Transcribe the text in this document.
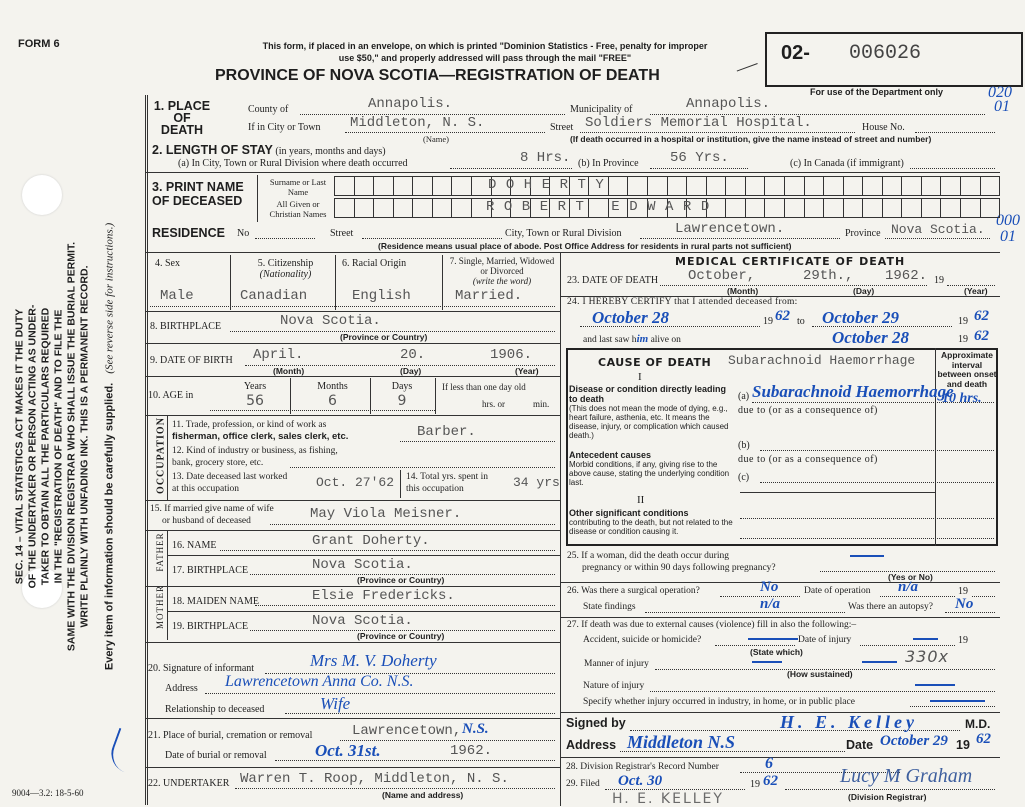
FORM 6
SEC. 14 – VITAL STATISTICS ACT MAKES IT THE DUTY OF THE UNDERTAKER OR PERSON ACTING AS UNDER- TAKER TO OBTAIN ALL THE PARTICULARS REQUIRED IN THE "REGISTRATION OF DEATH" AND TO FILE THE SAME WITH THE DIVISION REGISTRAR WHO SHALL ISSUE THE BURIAL PERMIT. WRITE PLAINLY WITH UNFADING INK. THIS IS A PERMANENT RECORD. Every item of information should be carefully supplied.   (See reverse side for instructions.)
9004—3.2: 18-5-60
This form, if placed in an envelope, on which is printed "Dominion Statistics - Free, penalty for improper
use $50," and properly addressed will pass through the mail "FREE"
PROVINCE OF NOVA SCOTIA—REGISTRATION OF DEATH
02- 006026
For use of the Department only	020
01
000
01
1. PLACE OF DEATH
County of	Annapolis.	Municipality of	Annapolis.
If in City or Town Middleton, N. S.
(Name)
Street Soldiers Memorial Hospital.	House No.
(If death occurred in a hospital or institution, give the name instead of street and number)
2. LENGTH OF STAY (in years, months and days)
(a) In City, Town or Rural Division where death occurred	8 Hrs. (b) In Province 56 Yrs.	(c) In Canada (if immigrant)
3. PRINT NAME OF DECEASED
Surname or Last Name
All Given or Christian Names
DOHERTY
ROBERT EDWARD
RESIDENCE No	Street	City, Town or Rural Division	Lawrencetown.	Province Nova Scotia.
(Residence means usual place of abode. Post Office Address for residents in rural parts not sufficient)
4. Sex	5. Citizenship
(Nationality)
6. Racial Origin	7. Single, Married, Widowed or Divorced
(write the word)
Male	Canadian	English	Married.
8. BIRTHPLACE	Nova Scotia.
(Province or Country)
9. DATE OF BIRTH April.	20.	1906.
(Month)	(Day)	(Year)
10. AGE in
Years	Months	Days
56	6	9
If less than one day old
hrs. or	min.
OCCUPATION 11. Trade, profession, or kind of work as
fisherman, office clerk, sales clerk, etc.	Barber.
12. Kind of industry or business, as fishing,
bank, grocery store, etc.
13. Date deceased last worked
at this occupation	Oct. 27'62 14. Total yrs. spent in
this occupation	34 yrs
15. If married give name of wife
or husband of deceased	May Viola Meisner.
FATHER 16. NAME	Grant Doherty.
17. BIRTHPLACE	Nova Scotia.
(Province or Country)
MOTHER 18. MAIDEN NAME	Elsie Fredericks.
19. BIRTHPLACE	Nova Scotia.
(Province or Country)
20. Signature of informant	Mrs M. V. Doherty
Address Lawrencetown Anna Co. N.S.
Relationship to deceased	Wife
21. Place of burial, cremation or removal	Lawrencetown, N.S.
Date of burial or removal	Oct. 31st.	1962.
22. UNDERTAKER Warren T. Roop, Middleton, N. S.
(Name and address)
MEDICAL CERTIFICATE OF DEATH
23. DATE OF DEATH October,	29th., 1962. 19
(Month)	(Day)	(Year)
24. I HEREBY CERTIFY that I attended deceased from:
October 28	19 62 to October 29	19 62
and last saw him alive on	October 28	19 62
CAUSE OF DEATH Subarachnoid Haemorrhage	Approximate interval between onset and death
I
Disease or condition directly leading to death
(This does not mean the mode of dying, e.g., heart failure, asthenia, etc. It means the disease, injury, or complication which caused death.)
(a) Subarachnoid Haemorrhage
10 hrs.
due to (or as a consequence of)
Antecedent causes
Morbid conditions, if any, giving rise to the above cause, stating the underlying condition last.
(b)
due to (or as a consequence of)
(c)
II
Other significant conditions
contributing to the death, but not related to the disease or condition causing it.
25. If a woman, did the death occur during
pregnancy or within 90 days following pregnancy?
(Yes or No)
26. Was there a surgical operation?	No	Date of operation n/a	19
State findings	n/a	Was there an autopsy? No
27. If death was due to external causes (violence) fill in also the following:–
Accident, suicide or homicide?	Date of injury	19
(State which)
Manner of injury	330x
(How sustained)
Nature of injury
Specify whether injury occurred in industry, in home, or in public place
Signed by	H. E. Kelley	M.D.
Address Middleton N.S	Date October 29 19 62
28. Division Registrar's Record Number	6
29. Filed Oct. 30	19 62	Lucy M Graham
(Division Registrar)
H. E. KELLEY
